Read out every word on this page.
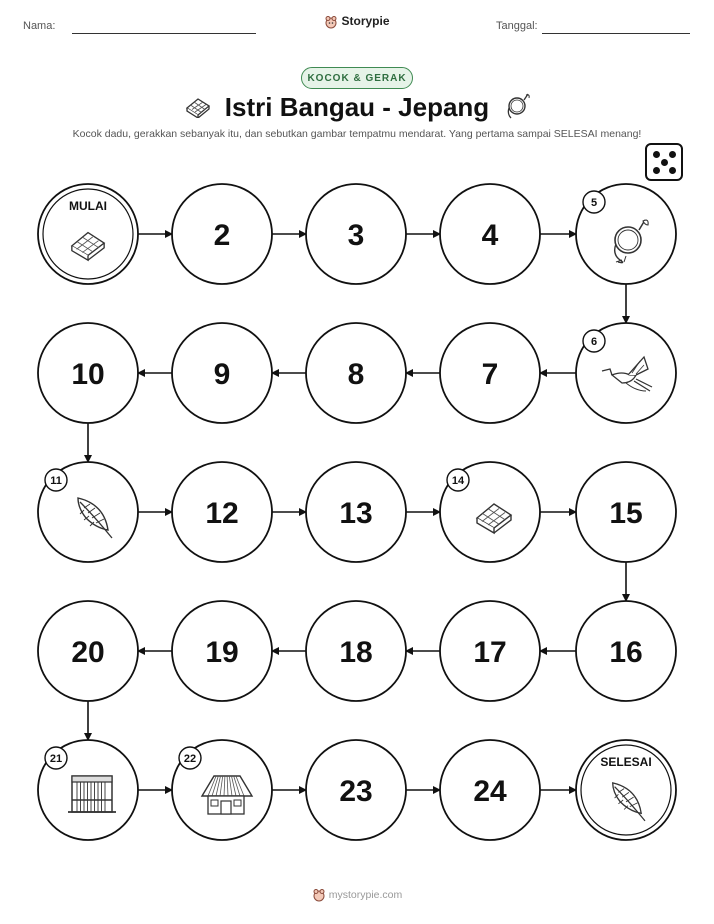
Nama:	Tanggal:
Storypie
KOCOK & GERAK
Istri Bangau - Jepang
Kocok dadu, gerakkan sebanyak itu, dan sebutkan gambar tempatmu mendarat. Yang pertama sampai SELESAI menang!
MULAI
2	3	4
5
6
7
8
9
10
11
12	13
14
15
16
17
18
19
20
21	22
23	24
SELESAI
mystorypie.com
